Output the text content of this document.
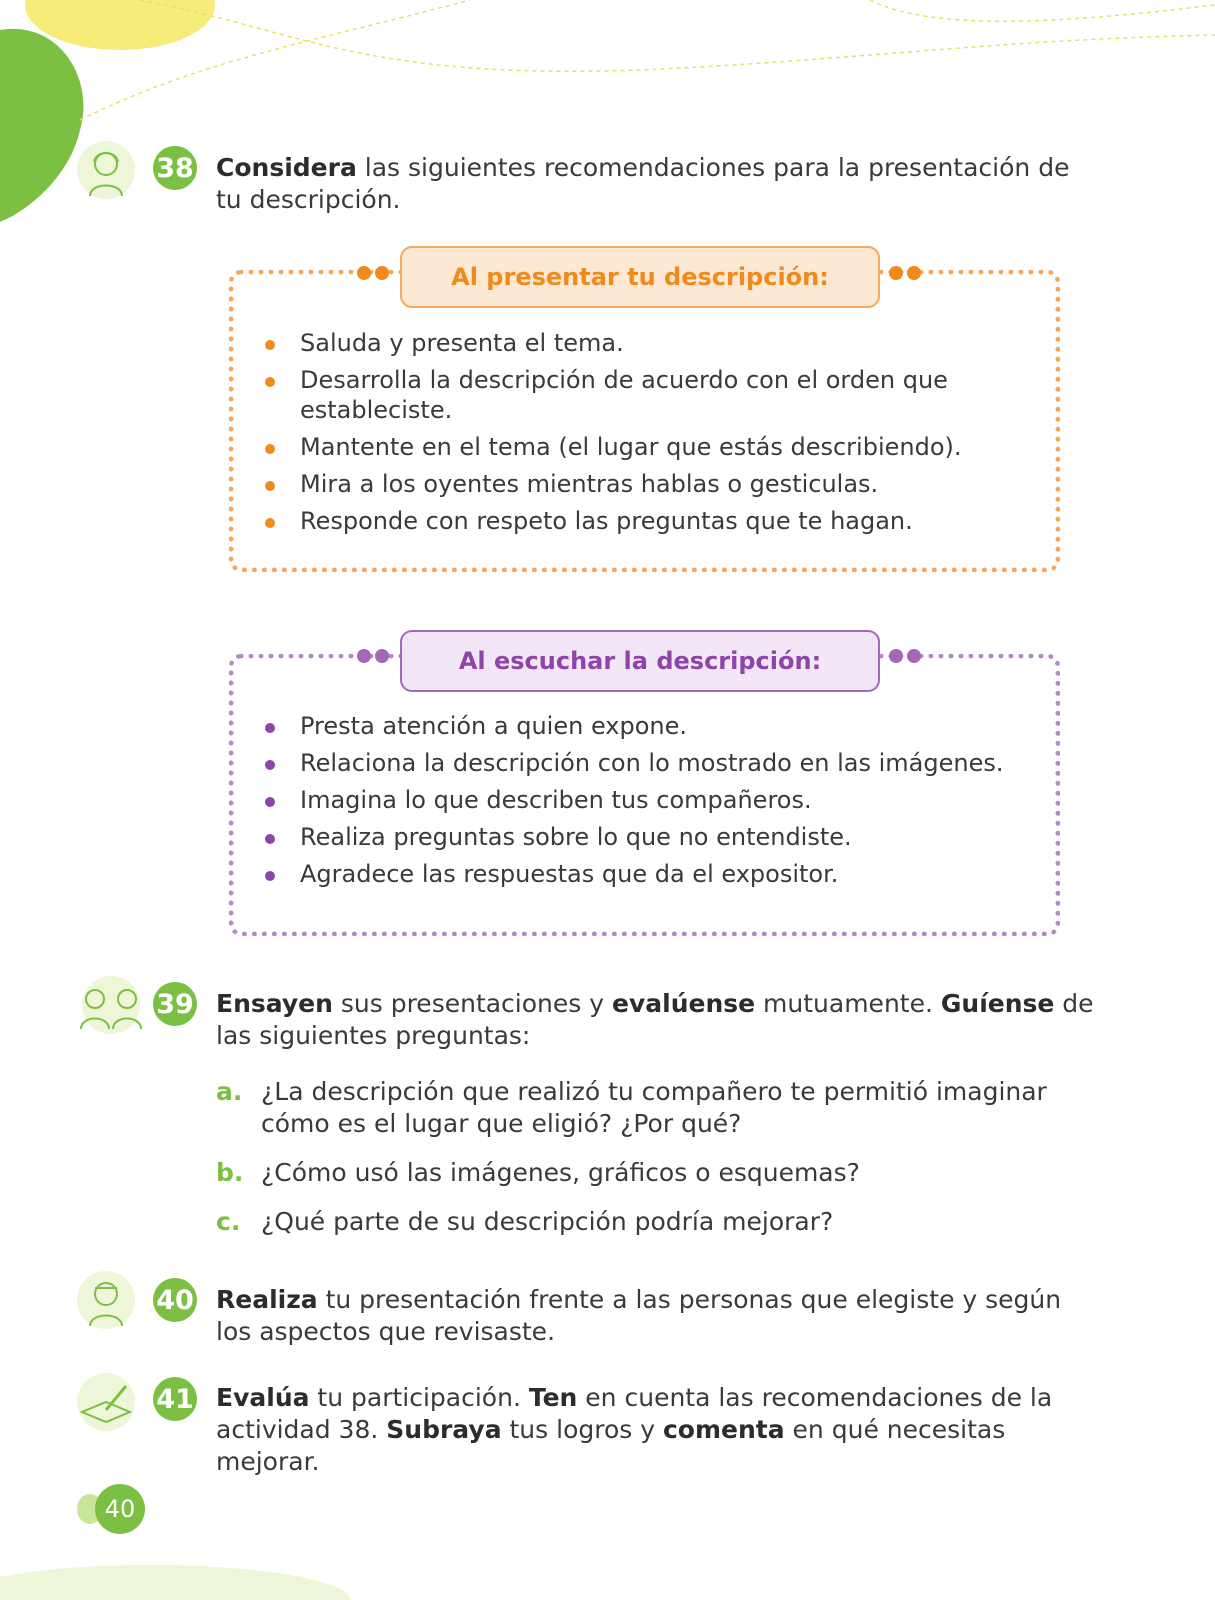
38 Considera las siguientes recomendaciones para la presentación de tu descripción.
Al presentar tu descripción:
Saluda y presenta el tema.
Desarrolla la descripción de acuerdo con el orden que estableciste.
Mantente en el tema (el lugar que estás describiendo).
Mira a los oyentes mientras hablas o gesticulas.
Responde con respeto las preguntas que te hagan.
Al escuchar la descripción:
Presta atención a quien expone.
Relaciona la descripción con lo mostrado en las imágenes.
Imagina lo que describen tus compañeros.
Realiza preguntas sobre lo que no entendiste.
Agradece las respuestas que da el expositor.
39 Ensayen sus presentaciones y evalúense mutuamente. Guíense de las siguientes preguntas:
a. ¿La descripción que realizó tu compañero te permitió imaginar cómo es el lugar que eligió? ¿Por qué?
b. ¿Cómo usó las imágenes, gráficos o esquemas?
c. ¿Qué parte de su descripción podría mejorar?
40 Realiza tu presentación frente a las personas que elegiste y según los aspectos que revisaste.
41 Evalúa tu participación. Ten en cuenta las recomendaciones de la actividad 38. Subraya tus logros y comenta en qué necesitas mejorar.
40
